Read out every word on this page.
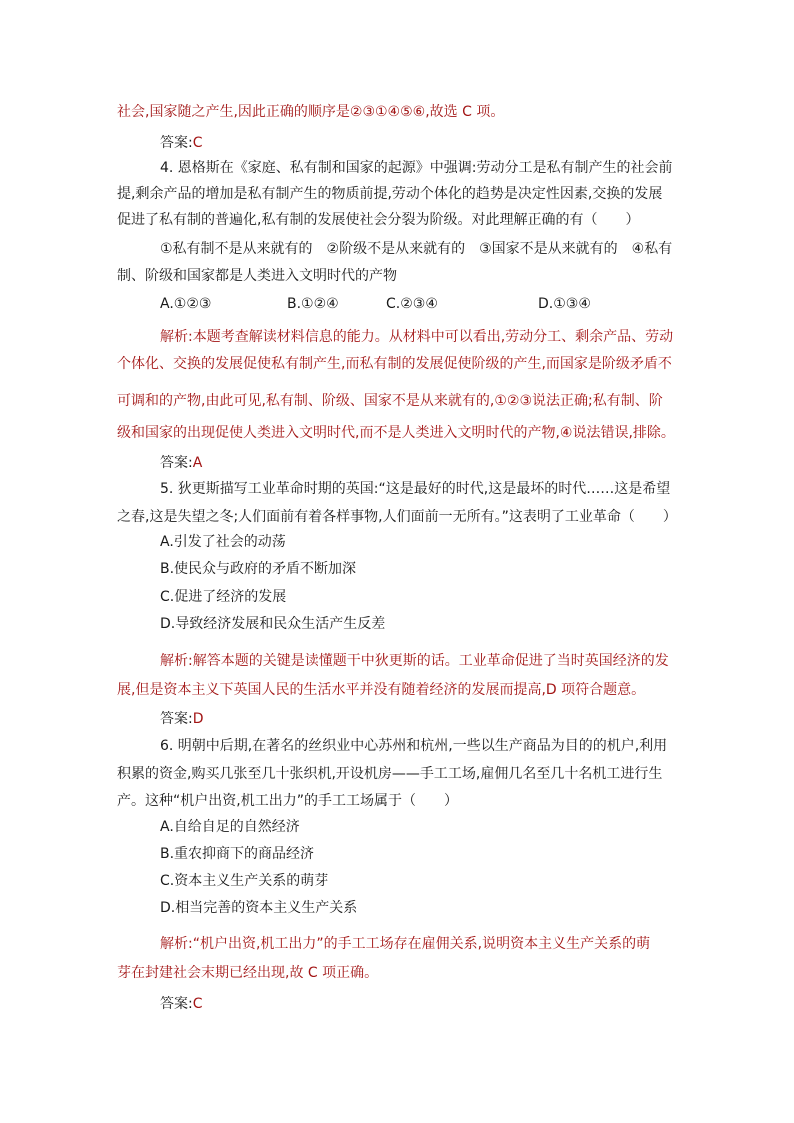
社会,国家随之产生,因此正确的顺序是②③①④⑤⑥,故选 C 项。
答案:C
4. 恩格斯在《家庭、私有制和国家的起源》中强调:劳动分工是私有制产生的社会前
提,剩余产品的增加是私有制产生的物质前提,劳动个体化的趋势是决定性因素,交换的发展
促进了私有制的普遍化,私有制的发展使社会分裂为阶级。对此理解正确的有（　　）
①私有制不是从来就有的　②阶级不是从来就有的　③国家不是从来就有的　④私有
制、阶级和国家都是人类进入文明时代的产物
A.①②③	B.①②④	C.②③④	D.①③④
解析:本题考查解读材料信息的能力。从材料中可以看出,劳动分工、剩余产品、劳动
个体化、交换的发展促使私有制产生,而私有制的发展促使阶级的产生,而国家是阶级矛盾不
可调和的产物,由此可见,私有制、阶级、国家不是从来就有的,①②③说法正确;私有制、阶
级和国家的出现促使人类进入文明时代,而不是人类进入文明时代的产物,④说法错误,排除。
答案:A
5. 狄更斯描写工业革命时期的英国:“这是最好的时代,这是最坏的时代……这是希望
之春,这是失望之冬;人们面前有着各样事物,人们面前一无所有。”这表明了工业革命（　　）
A.引发了社会的动荡
B.使民众与政府的矛盾不断加深
C.促进了经济的发展
D.导致经济发展和民众生活产生反差
解析:解答本题的关键是读懂题干中狄更斯的话。工业革命促进了当时英国经济的发
展,但是资本主义下英国人民的生活水平并没有随着经济的发展而提高,D 项符合题意。
答案:D
6. 明朝中后期,在著名的丝织业中心苏州和杭州,一些以生产商品为目的的机户,利用
积累的资金,购买几张至几十张织机,开设机房——手工工场,雇佣几名至几十名机工进行生
产。这种“机户出资,机工出力”的手工工场属于（　　）
A.自给自足的自然经济
B.重农抑商下的商品经济
C.资本主义生产关系的萌芽
D.相当完善的资本主义生产关系
解析:“机户出资,机工出力”的手工工场存在雇佣关系,说明资本主义生产关系的萌
芽在封建社会末期已经出现,故 C 项正确。
答案:C
